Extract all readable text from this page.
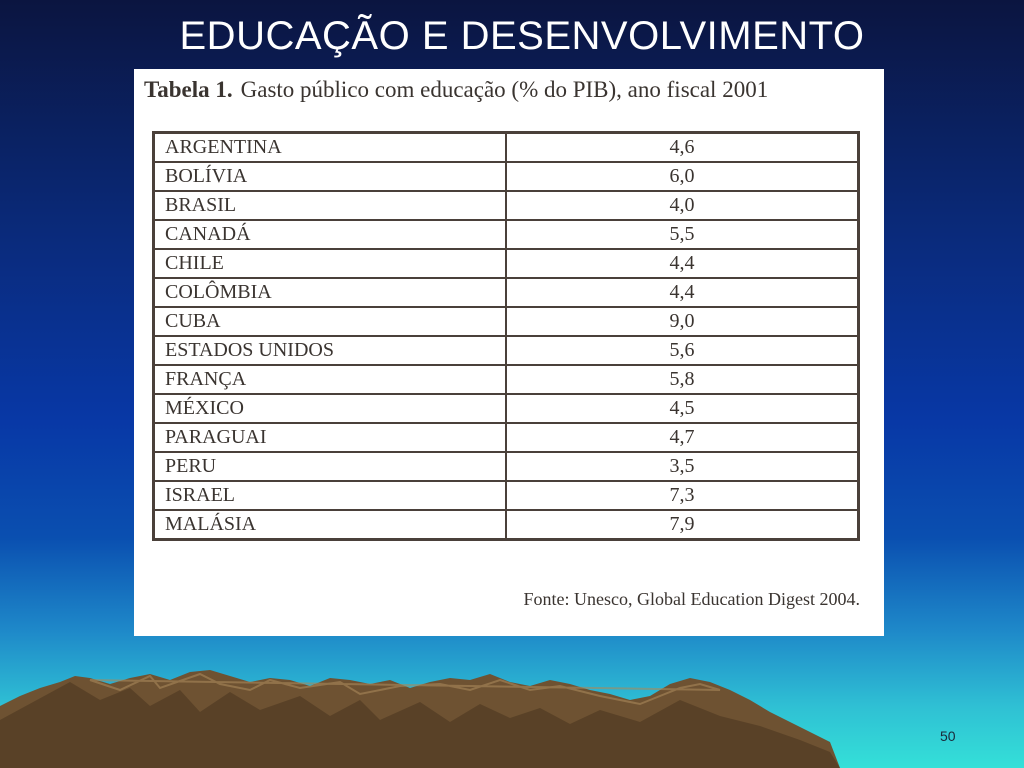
EDUCAÇÃO E DESENVOLVIMENTO
Tabela 1. Gasto público com educação (% do PIB), ano fiscal 2001
ARGENTINA	4,6
BOLÍVIA	6,0
BRASIL	4,0
CANADÁ	5,5
CHILE	4,4
COLÔMBIA	4,4
CUBA	9,0
ESTADOS UNIDOS	5,6
FRANÇA	5,8
MÉXICO	4,5
PARAGUAI	4,7
PERU	3,5
ISRAEL	7,3
MALÁSIA	7,9
Fonte: Unesco, Global Education Digest 2004.
50
